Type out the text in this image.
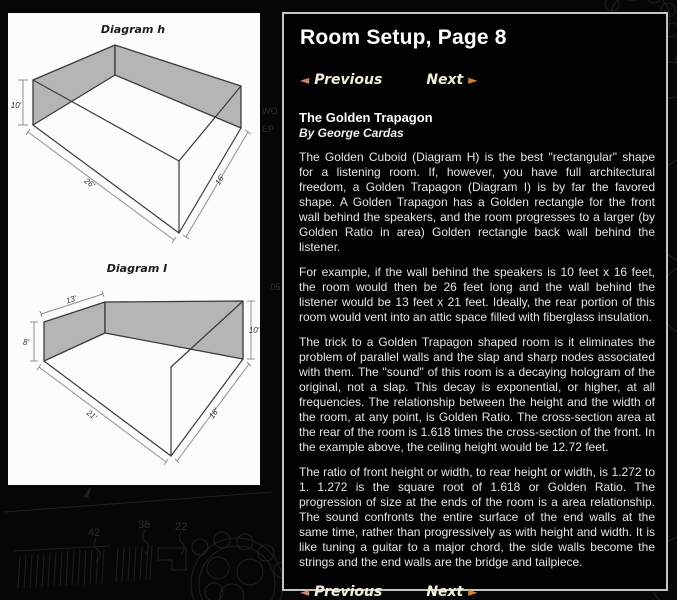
42
36 22
WO
EP
.05
Diagram h
10'
26'	16'
Diagram I
13'
8'
10'
21'	16'
Room Setup, Page 8
◄ Previous	Next ►
The Golden Trapagon
By George Cardas

The Golden Cuboid (Diagram H) is the best "rectangular" shape for a listening room. If, however, you have full architectural freedom, a Golden Trapagon (Diagram I) is by far the favored shape. A Golden Trapagon has a Golden rectangle for the front wall behind the speakers, and the room progresses to a larger (by Golden Ratio in area) Golden rectangle back wall behind the listener.

For example, if the wall behind the speakers is 10 feet x 16 feet, the room would then be 26 feet long and the wall behind the listener would be 13 feet x 21 feet. Ideally, the rear portion of this room would vent into an attic space filled with fiberglass insulation.

The trick to a Golden Trapagon shaped room is it eliminates the problem of parallel walls and the slap and sharp nodes associated with them. The "sound" of this room is a decaying hologram of the original, not a slap. This decay is exponential, or higher, at all frequencies. The relationship between the height and the width of the room, at any point, is Golden Ratio. The cross-section area at the rear of the room is 1.618 times the cross-section of the front. In the example above, the ceiling height would be 12.72 feet.

The ratio of front height or width, to rear height or width, is 1.272 to 1. 1.272 is the square root of 1.618 or Golden Ratio. The progression of size at the ends of the room is a area relationship. The sound confronts the entire surface of the end walls at the same time, rather than progressively as with height and width. It is like tuning a guitar to a major chord, the side walls become the strings and the end walls are the bridge and tailpiece.

◄ Previous	Next ►
